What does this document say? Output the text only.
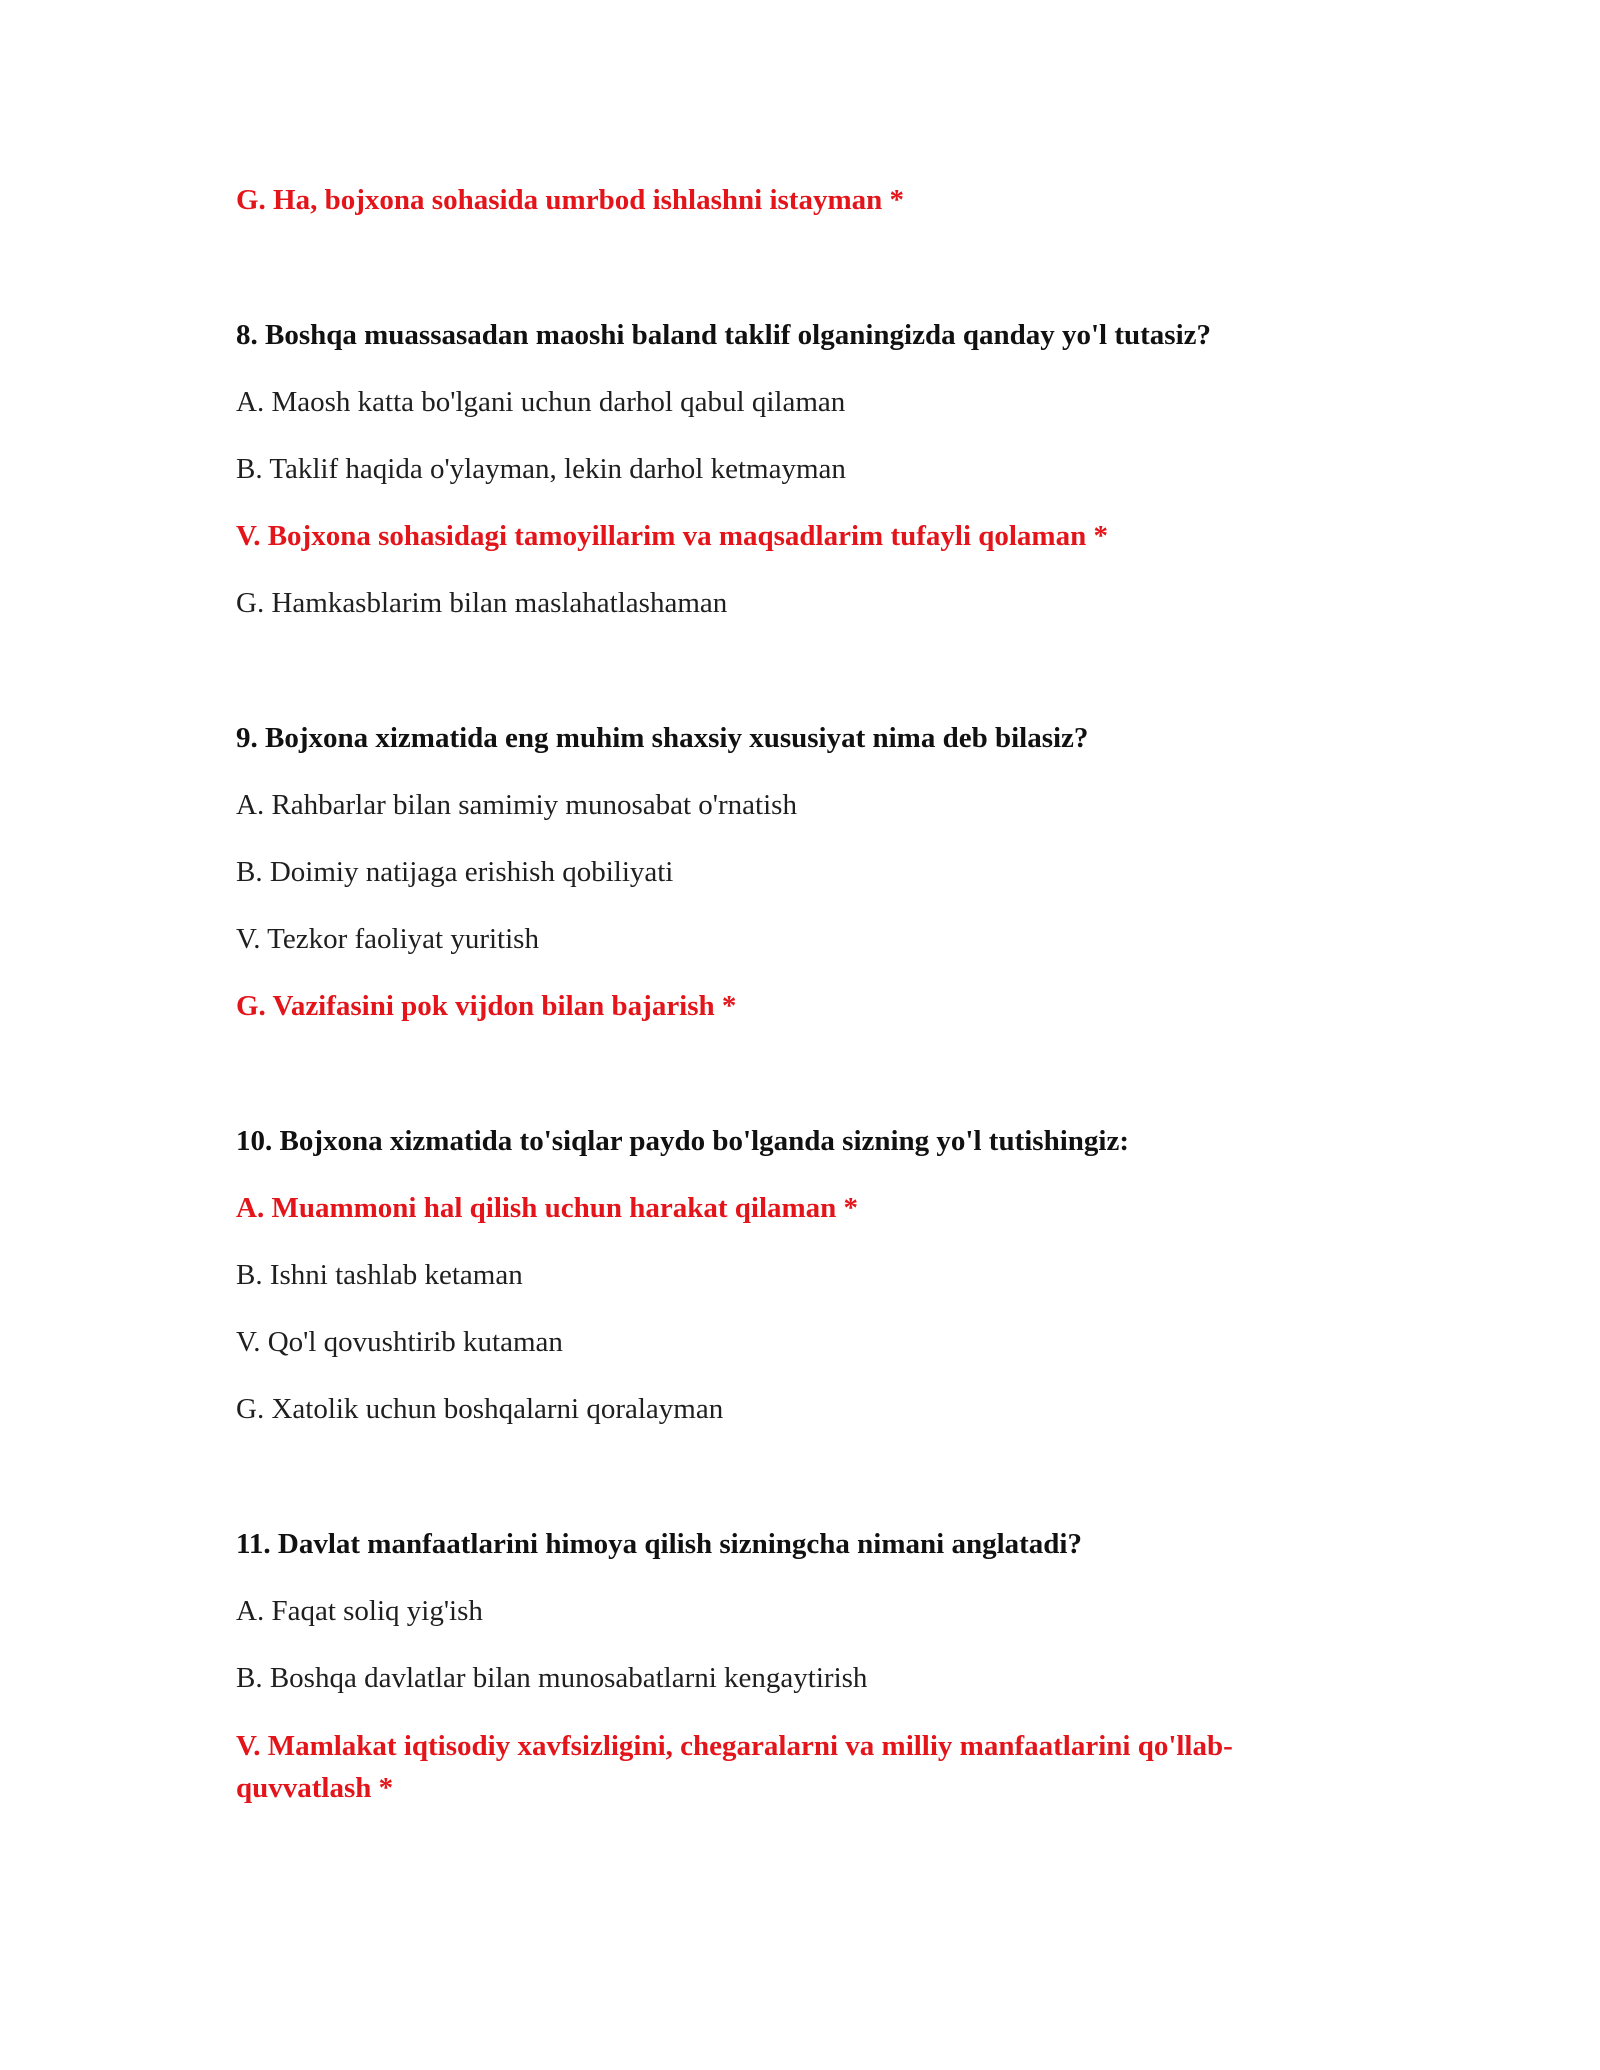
G. Ha, bojxona sohasida umrbod ishlashni istayman *

8. Boshqa muassasadan maoshi baland taklif olganingizda qanday yo'l tutasiz?

A. Maosh katta bo'lgani uchun darhol qabul qilaman

B. Taklif haqida o'ylayman, lekin darhol ketmayman

V. Bojxona sohasidagi tamoyillarim va maqsadlarim tufayli qolaman *

G. Hamkasblarim bilan maslahatlashaman

9. Bojxona xizmatida eng muhim shaxsiy xususiyat nima deb bilasiz?

A. Rahbarlar bilan samimiy munosabat o'rnatish

B. Doimiy natijaga erishish qobiliyati

V. Tezkor faoliyat yuritish

G. Vazifasini pok vijdon bilan bajarish *

10. Bojxona xizmatida to'siqlar paydo bo'lganda sizning yo'l tutishingiz:

A. Muammoni hal qilish uchun harakat qilaman *

B. Ishni tashlab ketaman

V. Qo'l qovushtirib kutaman

G. Xatolik uchun boshqalarni qoralayman

11. Davlat manfaatlarini himoya qilish sizningcha nimani anglatadi?

A. Faqat soliq yig'ish

B. Boshqa davlatlar bilan munosabatlarni kengaytirish

V. Mamlakat iqtisodiy xavfsizligini, chegaralarni va milliy manfaatlarini qo'llab-quvvatlash *
